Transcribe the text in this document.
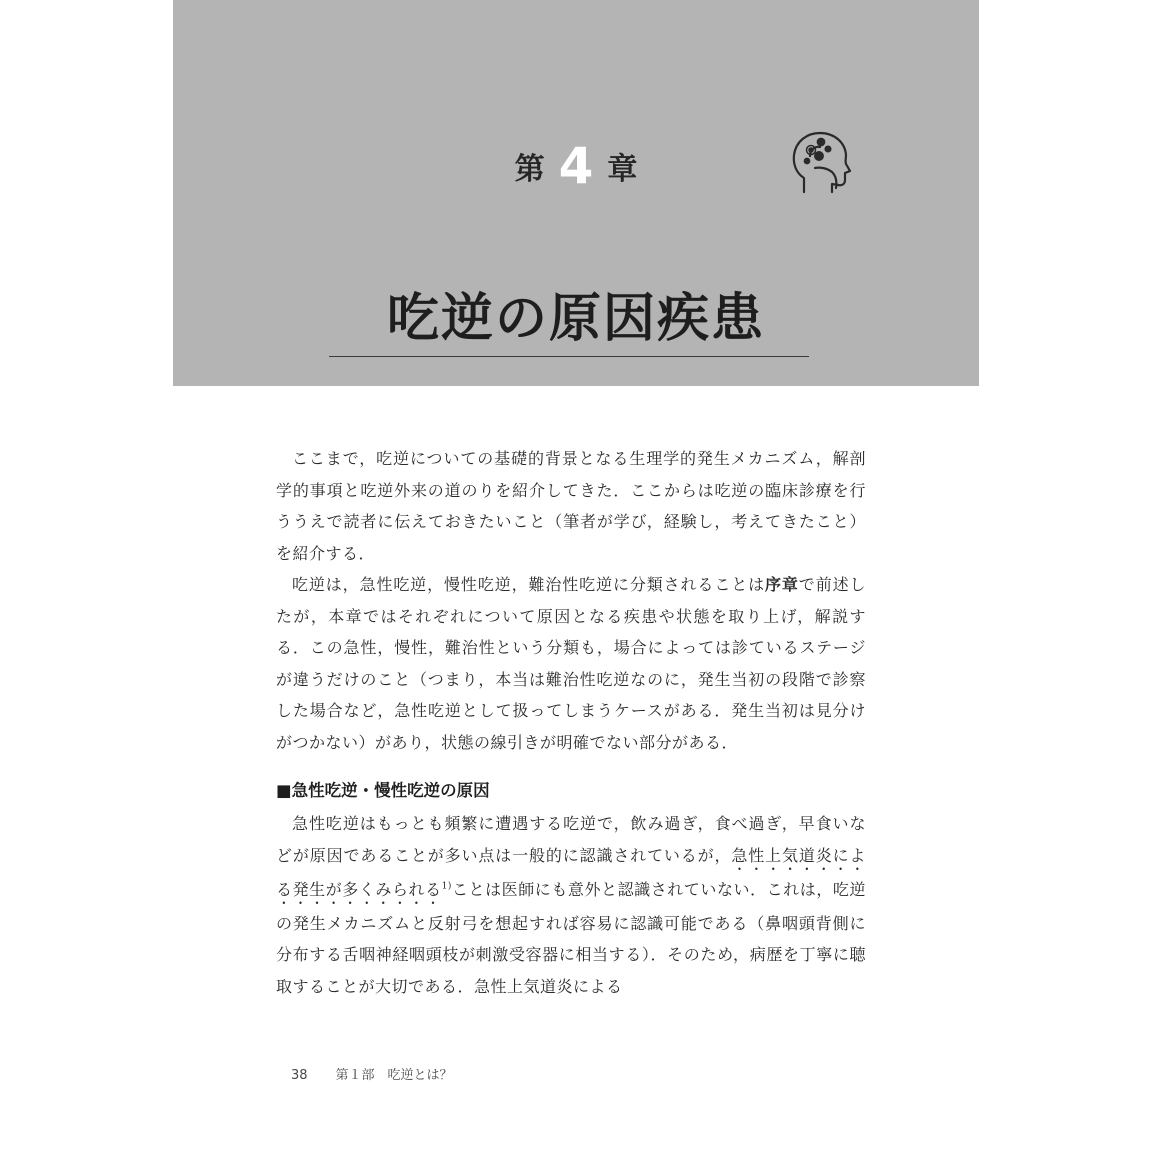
第 4 章
吃逆の原因疾患

ここまで，吃逆についての基礎的背景となる生理学的発生メカニズム，解剖学的事項と吃逆外来の道のりを紹介してきた．ここからは吃逆の臨床診療を行ううえで読者に伝えておきたいこと（筆者が学び，経験し，考えてきたこと）を紹介する．

吃逆は，急性吃逆，慢性吃逆，難治性吃逆に分類されることは序章で前述したが，本章ではそれぞれについて原因となる疾患や状態を取り上げ，解説する．この急性，慢性，難治性という分類も，場合によっては診ているステージが違うだけのこと（つまり，本当は難治性吃逆なのに，発生当初の段階で診察した場合など，急性吃逆として扱ってしまうケースがある．発生当初は見分けがつかない）があり，状態の線引きが明確でない部分がある．

■急性吃逆・慢性吃逆の原因

急性吃逆はもっとも頻繁に遭遇する吃逆で，飲み過ぎ，食べ過ぎ，早食いなどが原因であることが多い点は一般的に認識されているが，急性上気道炎による発生が多くみられる$^{1)}$ことは医師にも意外と認識されていない．これは，吃逆の発生メカニズムと反射弓を想起すれば容易に認識可能である（鼻咽頭背側に分布する舌咽神経咽頭枝が刺激受容器に相当する）．そのため，病歴を丁寧に聴取することが大切である．急性上気道炎による

38 第１部　吃逆とは？
